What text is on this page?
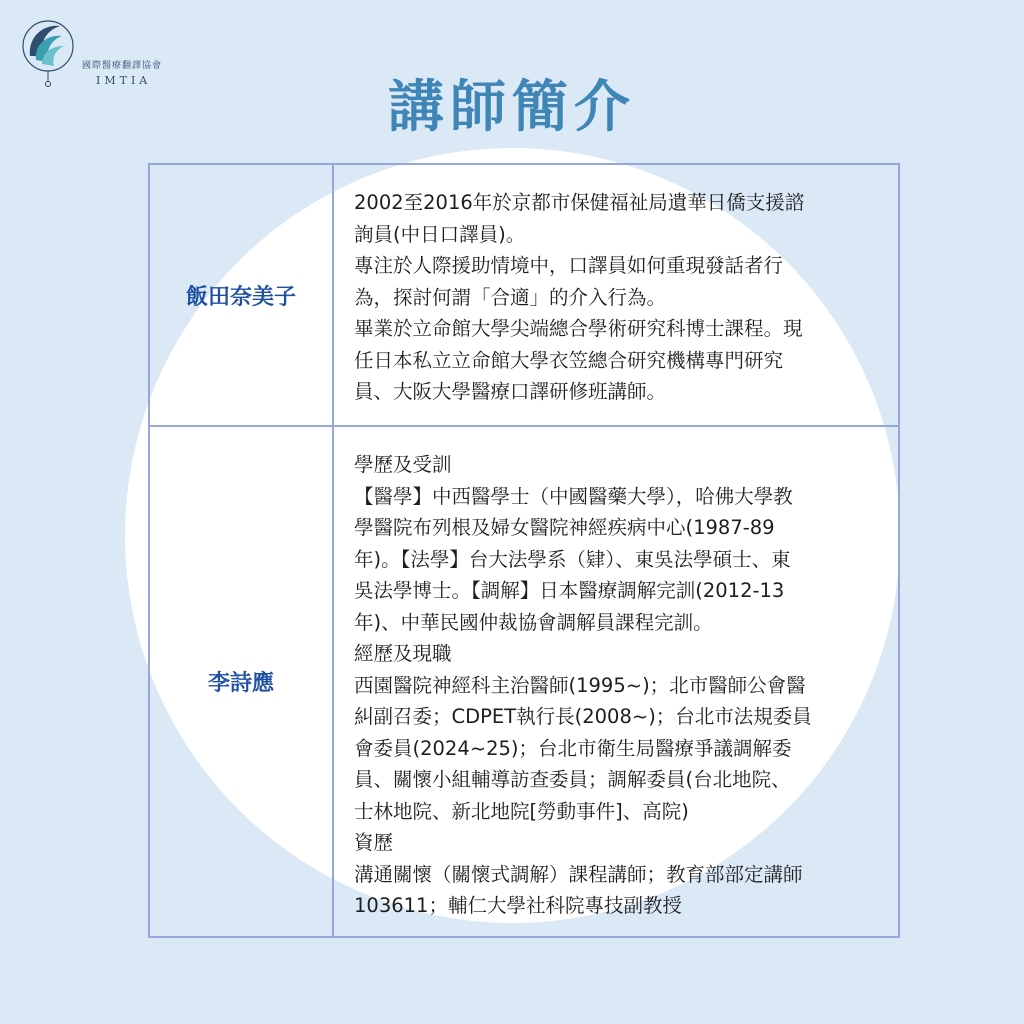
國際醫療翻譯協會
IMTIA	講師簡介
飯田奈美子
2002至2016年於京都市保健福祉局遺華日僑支援諮
詢員(中日口譯員)。
專注於人際援助情境中，口譯員如何重現發話者行
為，探討何謂「合適」的介入行為。
畢業於立命館大學尖端總合學術研究科博士課程。現
任日本私立立命館大學衣笠總合研究機構專門研究
員、大阪大學醫療口譯研修班講師。
李詩應
學歷及受訓
【醫學】中西醫學士（中國醫藥大學），哈佛大學教
學醫院布列根及婦女醫院神經疾病中心(1987-89
年)。【法學】台大法學系（肄）、東吳法學碩士、東
吳法學博士。【調解】日本醫療調解完訓(2012-13
年)、中華民國仲裁協會調解員課程完訓。
經歷及現職
西園醫院神經科主治醫師(1995~)；北市醫師公會醫
糾副召委；CDPET執行長(2008~)；台北市法規委員
會委員(2024~25)；台北市衛生局醫療爭議調解委
員、關懷小組輔導訪查委員；調解委員(台北地院、
士林地院、新北地院[勞動事件]、高院)
資歷
溝通關懷（關懷式調解）課程講師；教育部部定講師
103611；輔仁大學社科院專技副教授
